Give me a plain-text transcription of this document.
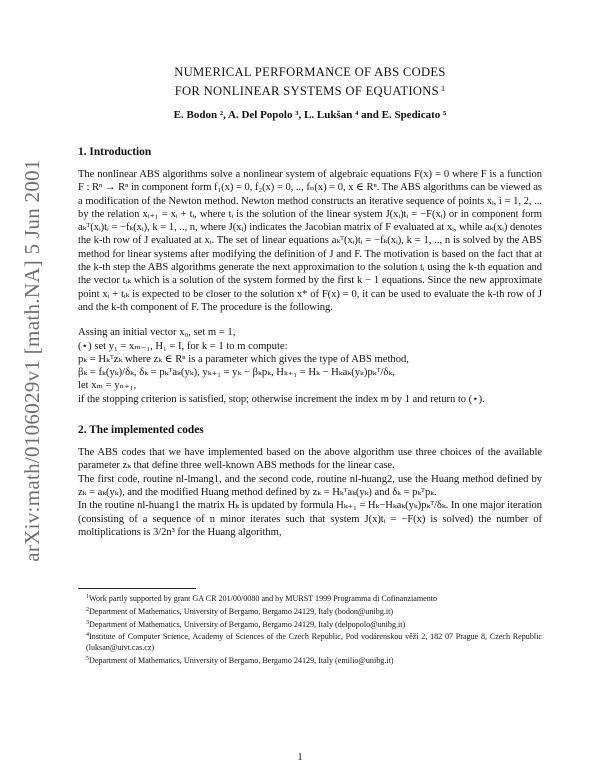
arXiv:math/0106029v1 [math.NA] 5 Jun 2001
NUMERICAL PERFORMANCE OF ABS CODES
FOR NONLINEAR SYSTEMS OF EQUATIONS $^1$
E. Bodon ², A. Del Popolo ³, L. Lukšan ⁴ and E. Spedicato ⁵
1. Introduction
The nonlinear ABS algorithms solve a nonlinear system of algebraic equations F(x) = 0 where F is a function F : Rⁿ → Rⁿ in component form f₁(x) = 0, f₂(x) = 0, .., fₙ(x) = 0, x ∈ Rⁿ. The ABS algorithms can be viewed as a modification of the Newton method. Newton method constructs an iterative sequence of points xᵢ, i = 1, 2, ... by the relation xᵢ₊₁ = xᵢ + tᵢ, where tᵢ is the solution of the linear system J(xᵢ)tᵢ = −F(xᵢ) or in component form aₖᵀ(xᵢ)tᵢ = −fₖ(xᵢ), k = 1, .., n, where J(xᵢ) indicates the Jacobian matrix of F evaluated at xᵢ, while aₖ(xᵢ) denotes the k-th row of J evaluated at xᵢ. The set of linear equations aₖᵀ(xᵢ)tᵢ = −fₖ(xᵢ), k = 1, .., n is solved by the ABS method for linear systems after modifying the definition of J and F. The motivation is based on the fact that at the k-th step the ABS algorithms generate the next approximation to the solution tᵢ using the k-th equation and the vector tᵢₖ which is a solution of the system formed by the first k − 1 equations. Since the new approximate point xᵢ + tᵢₖ is expected to be closer to the solution x* of F(x) = 0, it can be used to evaluate the k-th row of J and the k-th component of F. The procedure is the following.
Assing an initial vector x₀, set m = 1,
(⋆) set y₁ = xₘ₋₁, H₁ = I, for k = 1 to m compute:
pₖ = Hₖᵀzₖ where zₖ ∈ Rⁿ is a parameter which gives the type of ABS method,
βₖ = fₖ(yₖ)/δₖ, δₖ = pₖᵀaₖ(yₖ), yₖ₊₁ = yₖ − βₖpₖ, Hₖ₊₁ = Hₖ − Hₖaₖ(yₖ)pₖᵀ/δₖ,
let xₘ = yₙ₊₁,
if the stopping criterion is satisfied, stop; otherwise increment the index m by 1 and return to (⋆).
2. The implemented codes
The ABS codes that we have implemented based on the above algorithm use three choices of the available parameter zₖ that define three well-known ABS methods for the linear case.
The first code, routine nl-lmang1, and the second code, routine nl-huang2, use the Huang method defined by zₖ = aₖ(yₖ), and the modified Huang method defined by zₖ = Hₖᵀaₖ(yₖ) and δₖ = pₖᵀpₖ.
In the routine nl-huang1 the matrix Hₖ is updated by formula Hₖ₊₁ = Hₖ−Hₖaₖ(yₖ)pₖᵀ/δₖ. In one major iteration (consisting of a sequence of n minor iterates such that system J(x)tᵢ = −F(x) is solved) the number of moltiplications is 3/2n³ for the Huang algorithm,
$^1$Work partly supported by grant GA CR 201/00/0080 and by MURST 1999 Programma di Cofinanziamento
$^2$Department of Mathematics, University of Bergamo, Bergamo 24129, Italy (bodon@unibg.it)
$^3$Department of Mathematics, University of Bergamo, Bergamo 24129, Italy (delpopolo@unibg.it)
$^4$Institute of Computer Science, Academy of Sciences of the Czech Republic, Pod vodárenskou věží 2, 182 07 Prague 8, Czech Republic (luksan@uivt.cas.cz)
$^5$Department of Mathematics, University of Bergamo, Bergamo 24129, Italy (emilio@unibg.it)
1
